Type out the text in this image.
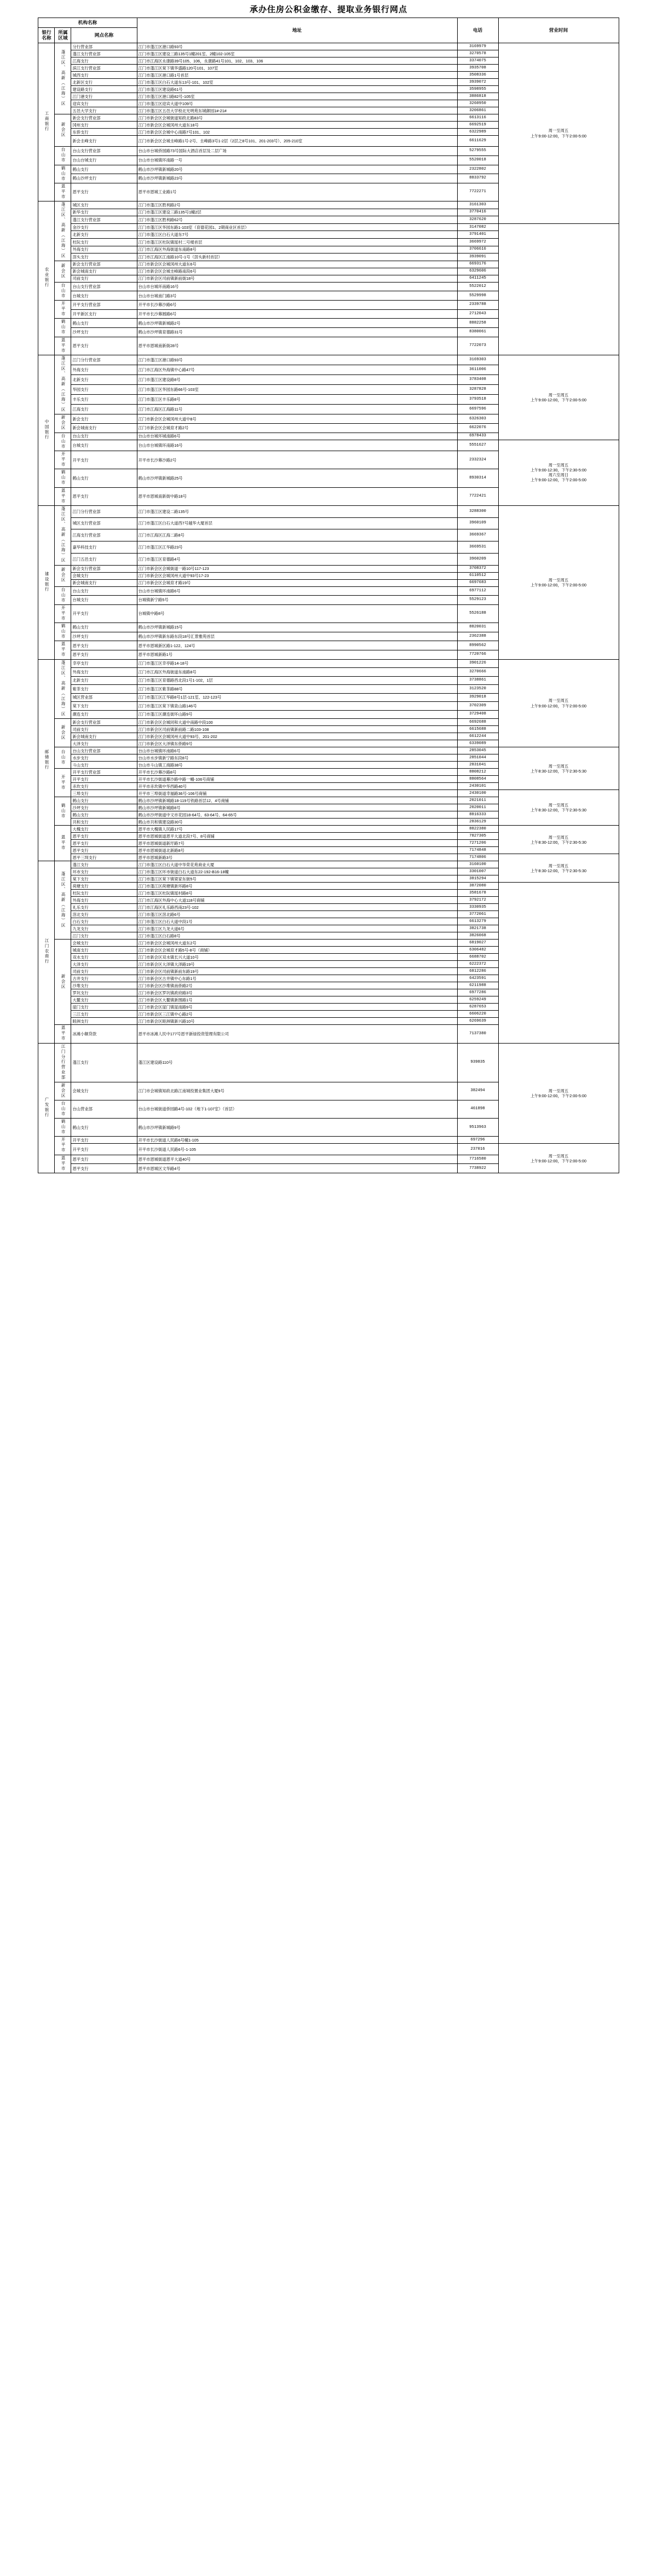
承办住房公积金缴存、提取业务银行网点
机构名称			地址	电话	营业时间	
银行名称	所属区域	网点名称				
工商银行	蓬江区、高新（江海）区	分行营业部	江门市蓬江区港口路93号	3169979	周一至周五
上午9:00-12:00，下午2:00-5:00	

		蓬江支行营业部	江门市蓬江区建设三路135号1幢201室、2幢102-105室	3270578		
		江海支行	江门市江海区永康路39号105、106，永康路41号101、102、103、106	3374075		
		滨江支行营业部	江门市蓬江区棠下镇华盛路120号101、107室	3935708		
		城西支行	江门市蓬江区港口路1号首层	3508336		
		北新区支行	江门市蓬江区白石大道东13号-101、102室	3939072		
		建设路支行	江门市蓬江区建设路61号	3598955		
		江门港支行	江门市蓬江区港口路82号-105室	3886818		
		迎宾支行	江门市蓬江区迎宾大道中109号	3260950		
		五邑大学支行	江门市蓬江区五邑大学校北光明苑东城御园1#-21#	3206861		
	新会区	新会支行营业部	江门市新会区会城街道知政北路83号	6613116		
		冈州支行	江门市新会区会城冈州大道东18号	6692519		
		东侨支行	江门市新会区会城中心南路7号101、102	6322989		
		新会圭峰支行	江门市新会区会城圭峰路1号-2号、圭峰路3号1-2层（2层之8号101、201-203号）、205-210室	6611629		
	台山市	台山支行营业部	台山市台城侨园路73号国际大酒店首层及二层广场	5279555		
		台山台城支行	台山市台城镇环南路一号	5520018		
	鹤山市	鹤山支行	鹤山市沙坪镇新城路20号	2322802		
		鹤山沙坪支行	鹤山市沙坪镇新城路23号	8833792		
	恩平市	恩平支行	恩平市恩城工业路1号	7722271		
农业银行	蓬江区、高新（江海）区	城区支行	江门市蓬江区胜利路2号	3161303	

		新华支行	江门市蓬江区建设三路135号1幢2层	3770416		
		蓬江支行营业部	江门市蓬江区胜利路62号	3287620		
		金沙支行	江门市蓬江区华园东路1-103室（育德花园1、2期商业区首层）	3147082		
		北新支行	江门市蓬江区白石大道东7号	3791401		
		杜阮支行	江门市蓬江区杜阮镇瑶村二号楼首层	3669972		
		外海支行	江门市江海区外海街道东南路8号	3706616		
		滘头支行	江门市江海区江南路10号-1号（滘头新村首层）	3939091		
	新会区	新会支行营业部	江门市新会区会城冈州大道东6号	6693176		
		新会城南支行	江门市新会区会城圭峰路南段6号	6329606		
		司前支行	江门市新会区司前镇新前街18号	6411245		
	台山市	台山支行营业部	台山市台城环南路16号	5522012		
		台城支行	台山市台城南门路3号	5529998		
	开平市	开平支行营业部	开平市长沙幕沙路6号	2339788		
		开平新区支行	开平市长沙幕圆路6号	2712043		
	鹤山市	鹤山支行	鹤山市沙坪镇新城路2号	8882258		
		沙坪支行	鹤山市沙坪镇育德路31号	8380061		
	恩平市	恩平支行	恩平市恩城南新街28号	7722073		
中国银行	蓬江区、高新（江海）区	江门分行营业部	江门市蓬江区港口路93号	3169303	周一至周五
上午9:00-12:00，下午2:00-5:00	

		外海支行	江门市江海区外海镇中心路47号	3611006		
		北新支行	江门市蓬江区建设路8号	3783408		
		华园支行	江门市蓬江区华园东路66号-103室	3287828		
		丰乐支行	江门市蓬江区丰乐路8号	3793518		
		江海支行	江门市江海区江海路11号	6697596		
	新会区	新会支行	江门市新会区会城冈州大道中8号	6326303		
		新会城南支行	江门市新会区会城育才路2号	6622076		
	台山市	台山支行	台山市台城环城南路6号	6978433		
		台城支行	台山市台城镇环南路16号	5551627	周一至周五
上午9:00-12:30，下午2:30-5:00
周六至周日
上午9:00-12:00，下午2:00-5:00	

	开平市	开平支行	开平市长沙幕沙路2号	2332324		
	鹤山市	鹤山支行	鹤山市沙坪镇新城路25号	8930314		
	恩平市	恩平支行	恩平市恩城南新街中路18号	7722421		
建设银行	蓬江区、高新（江海）区	江门分行营业部	江门市蓬江区建设二路135号	3288300	周一至周五
上午9:00-12:00，下午2:00-5:00	

		城区支行营业部	江门市蓬江区白石大道西7号越华大厦首层	3960109		
		江海支行营业部	江门市江海区江海二路8号	3669367		
		嘉华科技支行	江门市蓬江区江华路23号	3669531		
		江门五邑支行	江门市蓬江区育德路4号	3960209		
	新会区	新会支行营业部	江门市新会区会城街道一路10号117-123	3708372		
		会城支行	江门市新会区会城冈州大道中93号17-23	6110512		
		新会城南支行	江门市新会区会城育才路19号	6697683		
	台山市	台山支行	台山市台城镇环南路6号	6977112		
		台城支行	台城镇新宁路5号	5529123		
	开平市	开平支行	台城镇中路8号	5526188		
	鹤山市	鹤山支行	鹤山市沙坪镇新城路15号	8820031		
		沙坪支行	鹤山市沙坪镇新东路东段18号汇景雅苑首层	2362388		
	恩平市	恩平支行	恩平市恩城新区路1-122、124号	8990562		
		恩平支行	恩平市恩城新路1号	7720766		
邮储银行	蓬江区、高新（江海）区	幸亭支行	江门市蓬江区幸亭路14-18号	3901226	周一至周五
上午9:00-12:00，下午2:00-5:00	

		外海支行	江门市江海区外海街道东南路8号	3270666		
		北新支行	江门市蓬江区育德路西北段1号1-102，1层	3738861		
		紫茶支行	江门市蓬江区紫茶路88号	3123520		
		城区营业部	江门市蓬江区江华路8号1层-121室、122-123号	3929018		
		棠下支行	江门市蓬江区棠下镇泉山路146号	3702309		
		潮连支行	江门市蓬江区潮连街环山路9号	3729408		
	新会区	新会支行营业部	江门市新会区会城同和大道中南路中段100	6692688		
		司前支行	江门市新会区司前镇新前路二路103-108	6615688		
		新会城南支行	江门市新会区会城冈州大道中93号、201-202	6612244		
		大泽支行	江门市新会区大泽镇东侨路9号	6339089		
	台山市	台山支行营业部	台山市台城镇环南路6号	2853045	周一至周五
上午8:30-12:00，下午2:30-5:30	

		水步支行	台山市水步镇新宁路东段8号	2851044		
		斗山支行	台山市斗山镇工商路38号	2831041		
	开平市	开平支行营业部	开平市长沙幕沙路8号	8808212		
		开平支行	开平市长沙街道幕沙路中路一幢-106号商铺	8808564		
		赤坎支行	开平市赤坎镇中华西路40号	2430101		
		三埠支行	开平市三埠街道幸福路36号-106号商铺	2430100	周一至周五
上午8:30-12:00，下午2:30-5:30	

	鹤山市	鹤山支行	鹤山市沙坪镇新城路18-119号铁路首层12、4号商铺	2021011		
		沙坪支行	鹤山市沙坪镇新城路8号	2020011		
		鹤山支行	鹤山市沙坪街道中文市花园18-64号、63-64号、64-65号	8816333		
		共和支行	鹤山市共和镇建设路30号	2836129		
	恩平市	大槐支行	恩平市大槐镇人民路17号	8822380	周一至周五
上午8:30-12:00，下午2:30-5:30	

		恩平支行	恩平市恩城街道恩平大道北段7号、8号商铺	7827305		
		恩平支行	恩平市恩城街道新圩路7号	7271206		
		恩平支行	恩平市恩城街道北新路8号	7174848		
		恩平三圳支行	恩平市恩城新路3号	7174806	周一至周五
上午8:30-12:00，下午2:30-5:30	

江门农商行	蓬江区、高新（江海）区	蓬江支行	江门市蓬江区白石大道中华荣花苑商业大厦	3160100	

		环市支行	江门市蓬江区环市街道白石大道东22-192-B16-18幢	3301007		
		棠下支行	江门市蓬江区棠下镇梁家东街5号	3815294		
		荷塘支行	江门市蓬江区荷塘镇新环路8号	3872080		
		杜阮支行	江门市蓬江区杜阮镇瑶村路8号	3581678		
		外海支行	江门市江海区外海中心大道118号商铺	3792172		
		礼乐支行	江门市江海区礼乐路西南23号-102	3330935		
		滘北支行	江门市蓬江区滘北路6号	3772061		
		白石支行	江门市蓬江区白石大道中段1号	6613279		
		九龙支行	江门市蓬江区九龙大道6号	3821738		
		江门支行	江门市蓬江区白石路8号	3826068		
	新会区	会城支行	江门市新会区会城冈州大道东2号	6819027		
		城南支行	江门市新会区会城育才路5号-8号（商铺）	6306482		
		双水支行	江门市新会区双水镇长兴大道10号	6688702		
		大泽支行	江门市新会区大泽镇大泽路19号	6222372		
		司前支行	江门市新会区司前镇新前东路19号	6812286		
		古井支行	江门市新会区古井镇中心东路1号	6423591		
		沙堆支行	江门市新会区沙堆镇南侨路2号	6211988		
		罗坑支行	江门市新会区罗坑镇政府路3号	6977286		
		大鳌支行	江门市新会区大鳌镇新围路1号	6259249		
		崖门支行	江门市新会区崖门镇崖南路9号	6287653		
		三江支行	江门市新会区三江镇中心路2号	6606220		
		睦洲支行	江门市新会区睦洲镇新兴路10号	6269639		
	恩平市	冰滩小额贷款	恩平市冰滩人民中177号恩平新绿投资管理有限公司	7137380		
广发银行	江门分行营业部	蓬江支行	蓬江区建设路110号	939835	周一至周五
上午9:00-12:00，下午2:00-5:00	

	新会区	会城支行	江门市会城镇知政北路江南城投置业集团大厦9号	382494		
	台山市	台山营业部	台山市台城街道侨园路4号-102（地下1-107室）（首层）	461898		
	鹤山市	鹤山支行	鹤山市沙坪镇新城路9号	9513963		
	开平市	开平支行	开平市长沙街道人民路6号幢1-105	697296		
		开平支行	开平市长沙街道人民路6号-1-105	237016	周一至周五
上午9:00-12:00，下午2:00-5:00	

	恩平市	恩平支行	恩平市恩城街道恩平大道40号	7716580		
		恩平支行	恩平市恩城区文华路4号	7738922		
